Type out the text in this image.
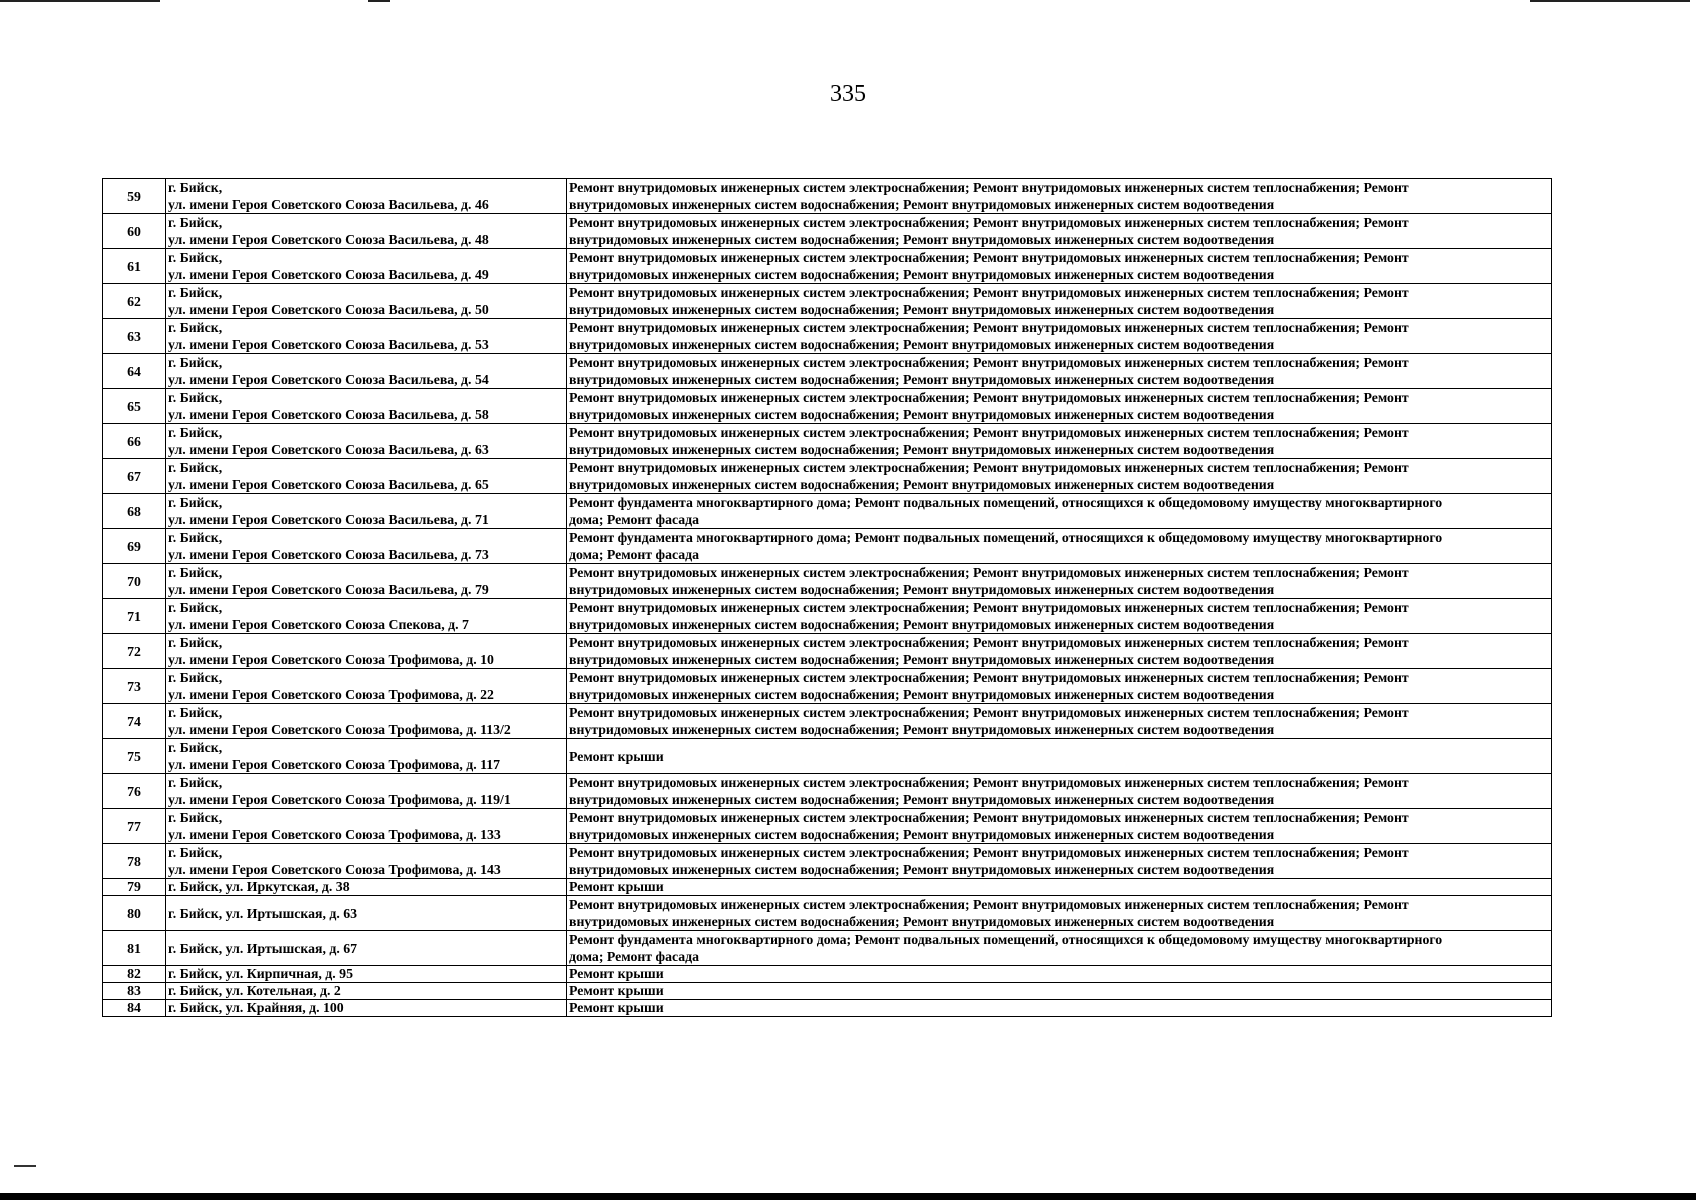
335
59	г. Бийск,
ул. имени Героя Советского Союза Васильева, д. 46	Ремонт внутридомовых инженерных систем электроснабжения; Ремонт внутридомовых инженерных систем теплоснабжения; Ремонт
внутридомовых инженерных систем водоснабжения; Ремонт внутридомовых инженерных систем водоотведения

60	г. Бийск,
ул. имени Героя Советского Союза Васильева, д. 48	Ремонт внутридомовых инженерных систем электроснабжения; Ремонт внутридомовых инженерных систем теплоснабжения; Ремонт
внутридомовых инженерных систем водоснабжения; Ремонт внутридомовых инженерных систем водоотведения

61	г. Бийск,
ул. имени Героя Советского Союза Васильева, д. 49	Ремонт внутридомовых инженерных систем электроснабжения; Ремонт внутридомовых инженерных систем теплоснабжения; Ремонт
внутридомовых инженерных систем водоснабжения; Ремонт внутридомовых инженерных систем водоотведения

62	г. Бийск,
ул. имени Героя Советского Союза Васильева, д. 50	Ремонт внутридомовых инженерных систем электроснабжения; Ремонт внутридомовых инженерных систем теплоснабжения; Ремонт
внутридомовых инженерных систем водоснабжения; Ремонт внутридомовых инженерных систем водоотведения

63	г. Бийск,
ул. имени Героя Советского Союза Васильева, д. 53	Ремонт внутридомовых инженерных систем электроснабжения; Ремонт внутридомовых инженерных систем теплоснабжения; Ремонт
внутридомовых инженерных систем водоснабжения; Ремонт внутридомовых инженерных систем водоотведения

64	г. Бийск,
ул. имени Героя Советского Союза Васильева, д. 54	Ремонт внутридомовых инженерных систем электроснабжения; Ремонт внутридомовых инженерных систем теплоснабжения; Ремонт
внутридомовых инженерных систем водоснабжения; Ремонт внутридомовых инженерных систем водоотведения

65	г. Бийск,
ул. имени Героя Советского Союза Васильева, д. 58	Ремонт внутридомовых инженерных систем электроснабжения; Ремонт внутридомовых инженерных систем теплоснабжения; Ремонт
внутридомовых инженерных систем водоснабжения; Ремонт внутридомовых инженерных систем водоотведения

66	г. Бийск,
ул. имени Героя Советского Союза Васильева, д. 63	Ремонт внутридомовых инженерных систем электроснабжения; Ремонт внутридомовых инженерных систем теплоснабжения; Ремонт
внутридомовых инженерных систем водоснабжения; Ремонт внутридомовых инженерных систем водоотведения

67	г. Бийск,
ул. имени Героя Советского Союза Васильева, д. 65	Ремонт внутридомовых инженерных систем электроснабжения; Ремонт внутридомовых инженерных систем теплоснабжения; Ремонт
внутридомовых инженерных систем водоснабжения; Ремонт внутридомовых инженерных систем водоотведения

68	г. Бийск,
ул. имени Героя Советского Союза Васильева, д. 71	Ремонт фундамента многоквартирного дома; Ремонт подвальных помещений, относящихся к общедомовому имуществу многоквартирного
дома; Ремонт фасада

69	г. Бийск,
ул. имени Героя Советского Союза Васильева, д. 73	Ремонт фундамента многоквартирного дома; Ремонт подвальных помещений, относящихся к общедомовому имуществу многоквартирного
дома; Ремонт фасада

70	г. Бийск,
ул. имени Героя Советского Союза Васильева, д. 79	Ремонт внутридомовых инженерных систем электроснабжения; Ремонт внутридомовых инженерных систем теплоснабжения; Ремонт
внутридомовых инженерных систем водоснабжения; Ремонт внутридомовых инженерных систем водоотведения

71	г. Бийск,
ул. имени Героя Советского Союза Спекова, д. 7	Ремонт внутридомовых инженерных систем электроснабжения; Ремонт внутридомовых инженерных систем теплоснабжения; Ремонт
внутридомовых инженерных систем водоснабжения; Ремонт внутридомовых инженерных систем водоотведения

72	г. Бийск,
ул. имени Героя Советского Союза Трофимова, д. 10	Ремонт внутридомовых инженерных систем электроснабжения; Ремонт внутридомовых инженерных систем теплоснабжения; Ремонт
внутридомовых инженерных систем водоснабжения; Ремонт внутридомовых инженерных систем водоотведения

73	г. Бийск,
ул. имени Героя Советского Союза Трофимова, д. 22	Ремонт внутридомовых инженерных систем электроснабжения; Ремонт внутридомовых инженерных систем теплоснабжения; Ремонт
внутридомовых инженерных систем водоснабжения; Ремонт внутридомовых инженерных систем водоотведения

74	г. Бийск,
ул. имени Героя Советского Союза Трофимова, д. 113/2	Ремонт внутридомовых инженерных систем электроснабжения; Ремонт внутридомовых инженерных систем теплоснабжения; Ремонт
внутридомовых инженерных систем водоснабжения; Ремонт внутридомовых инженерных систем водоотведения

75	г. Бийск,
ул. имени Героя Советского Союза Трофимова, д. 117	Ремонт крыши

76	г. Бийск,
ул. имени Героя Советского Союза Трофимова, д. 119/1	Ремонт внутридомовых инженерных систем электроснабжения; Ремонт внутридомовых инженерных систем теплоснабжения; Ремонт
внутридомовых инженерных систем водоснабжения; Ремонт внутридомовых инженерных систем водоотведения

77	г. Бийск,
ул. имени Героя Советского Союза Трофимова, д. 133	Ремонт внутридомовых инженерных систем электроснабжения; Ремонт внутридомовых инженерных систем теплоснабжения; Ремонт
внутридомовых инженерных систем водоснабжения; Ремонт внутридомовых инженерных систем водоотведения

78	г. Бийск,
ул. имени Героя Советского Союза Трофимова, д. 143	Ремонт внутридомовых инженерных систем электроснабжения; Ремонт внутридомовых инженерных систем теплоснабжения; Ремонт
внутридомовых инженерных систем водоснабжения; Ремонт внутридомовых инженерных систем водоотведения

79	г. Бийск, ул. Иркутская, д. 38	Ремонт крыши

80	г. Бийск, ул. Иртышская, д. 63	Ремонт внутридомовых инженерных систем электроснабжения; Ремонт внутридомовых инженерных систем теплоснабжения; Ремонт
внутридомовых инженерных систем водоснабжения; Ремонт внутридомовых инженерных систем водоотведения

81	г. Бийск, ул. Иртышская, д. 67	Ремонт фундамента многоквартирного дома; Ремонт подвальных помещений, относящихся к общедомовому имуществу многоквартирного
дома; Ремонт фасада

82	г. Бийск, ул. Кирпичная, д. 95	Ремонт крыши

83	г. Бийск, ул. Котельная, д. 2	Ремонт крыши

84	г. Бийск, ул. Крайняя, д. 100	Ремонт крыши
